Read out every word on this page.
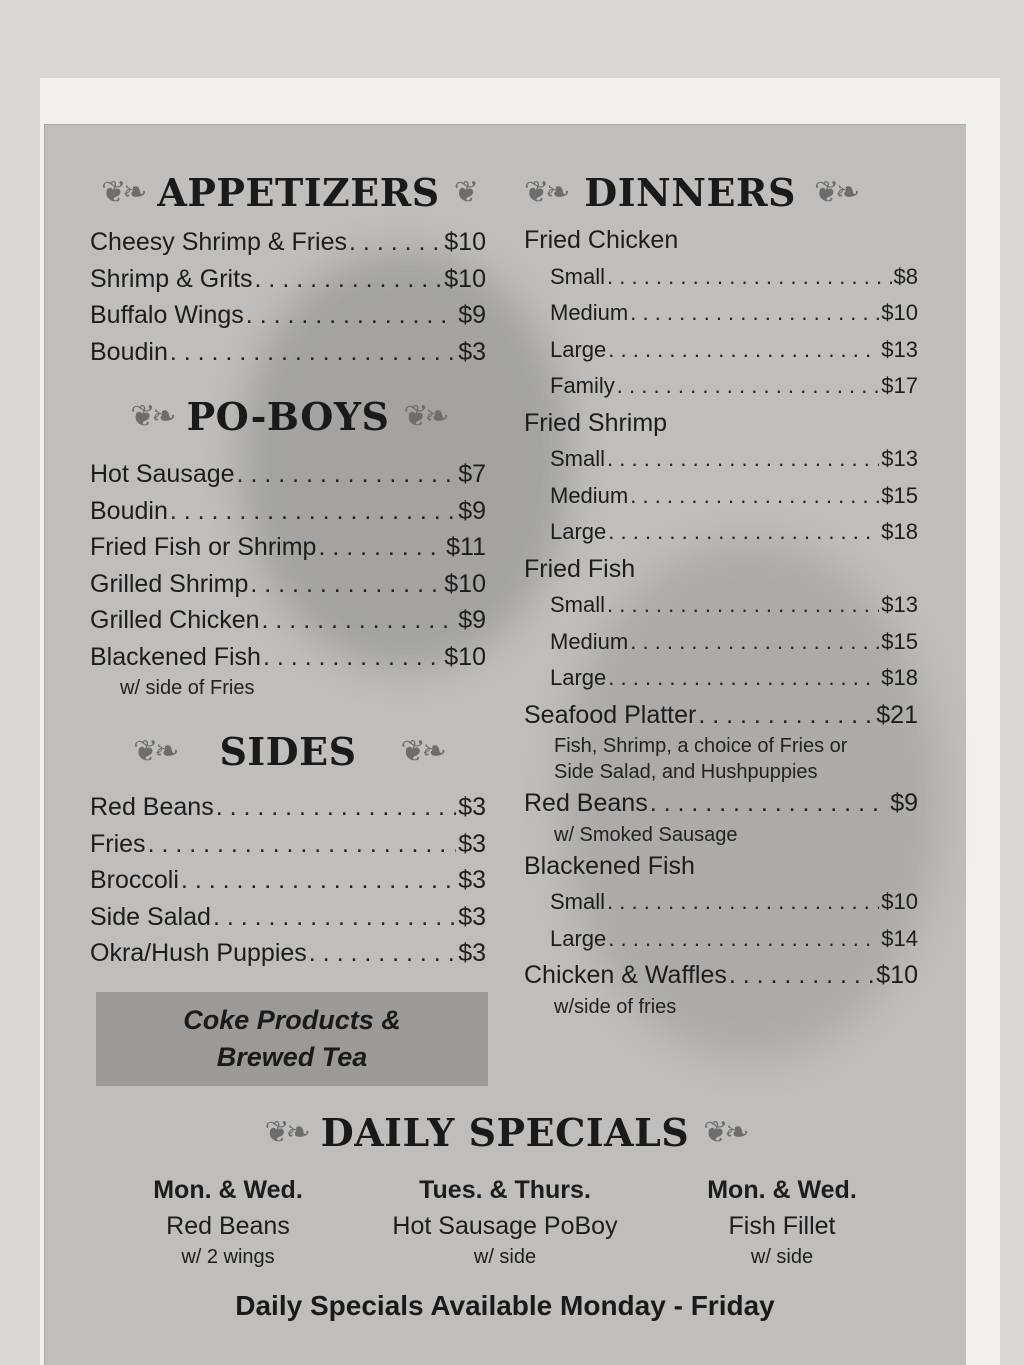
❦❧ APPETIZERS ❦
Cheesy Shrimp & Fries . . .	$10
Shrimp & Grits . . .	$10
Buffalo Wings . . .	$9
Boudin . . .	$3
❦❧ PO-BOYS ❦❧
Hot Sausage . . .	$7
Boudin . . .	$9
Fried Fish or Shrimp . . .	$11
Grilled Shrimp . . .	$10
Grilled Chicken . . .	$9
Blackened Fish . . .	$10
w/ side of Fries
❦❧ SIDES ❦❧
Red Beans . . .	$3
Fries . . .	$3
Broccoli . . .	$3
Side Salad . . .	$3
Okra/Hush Puppies . . .	$3
Coke Products &
Brewed Tea
❦❧ DINNERS ❦❧
Fried Chicken
Small . . .	$8
Medium . . .	$10
Large . . .	$13
Family . . .	$17
Fried Shrimp
Small . . .	$13
Medium . . .	$15
Large . . .	$18
Fried Fish
Small . . .	$13
Medium . . .	$15
Large . . .	$18
Seafood Platter . . .	$21
Fish, Shrimp, a choice of Fries or
Side Salad, and Hushpuppies
Red Beans . . .	$9
w/ Smoked Sausage
Blackened Fish
Small . . .	$10
Large . . .	$14
Chicken & Waffles . . .	$10
w/side of fries
❦❧ DAILY SPECIALS ❦❧
Mon. & Wed.
Red Beans
w/ 2 wings
Tues. & Thurs.
Hot Sausage PoBoy
w/ side
Mon. & Wed.
Fish Fillet
w/ side
Daily Specials Available Monday - Friday
